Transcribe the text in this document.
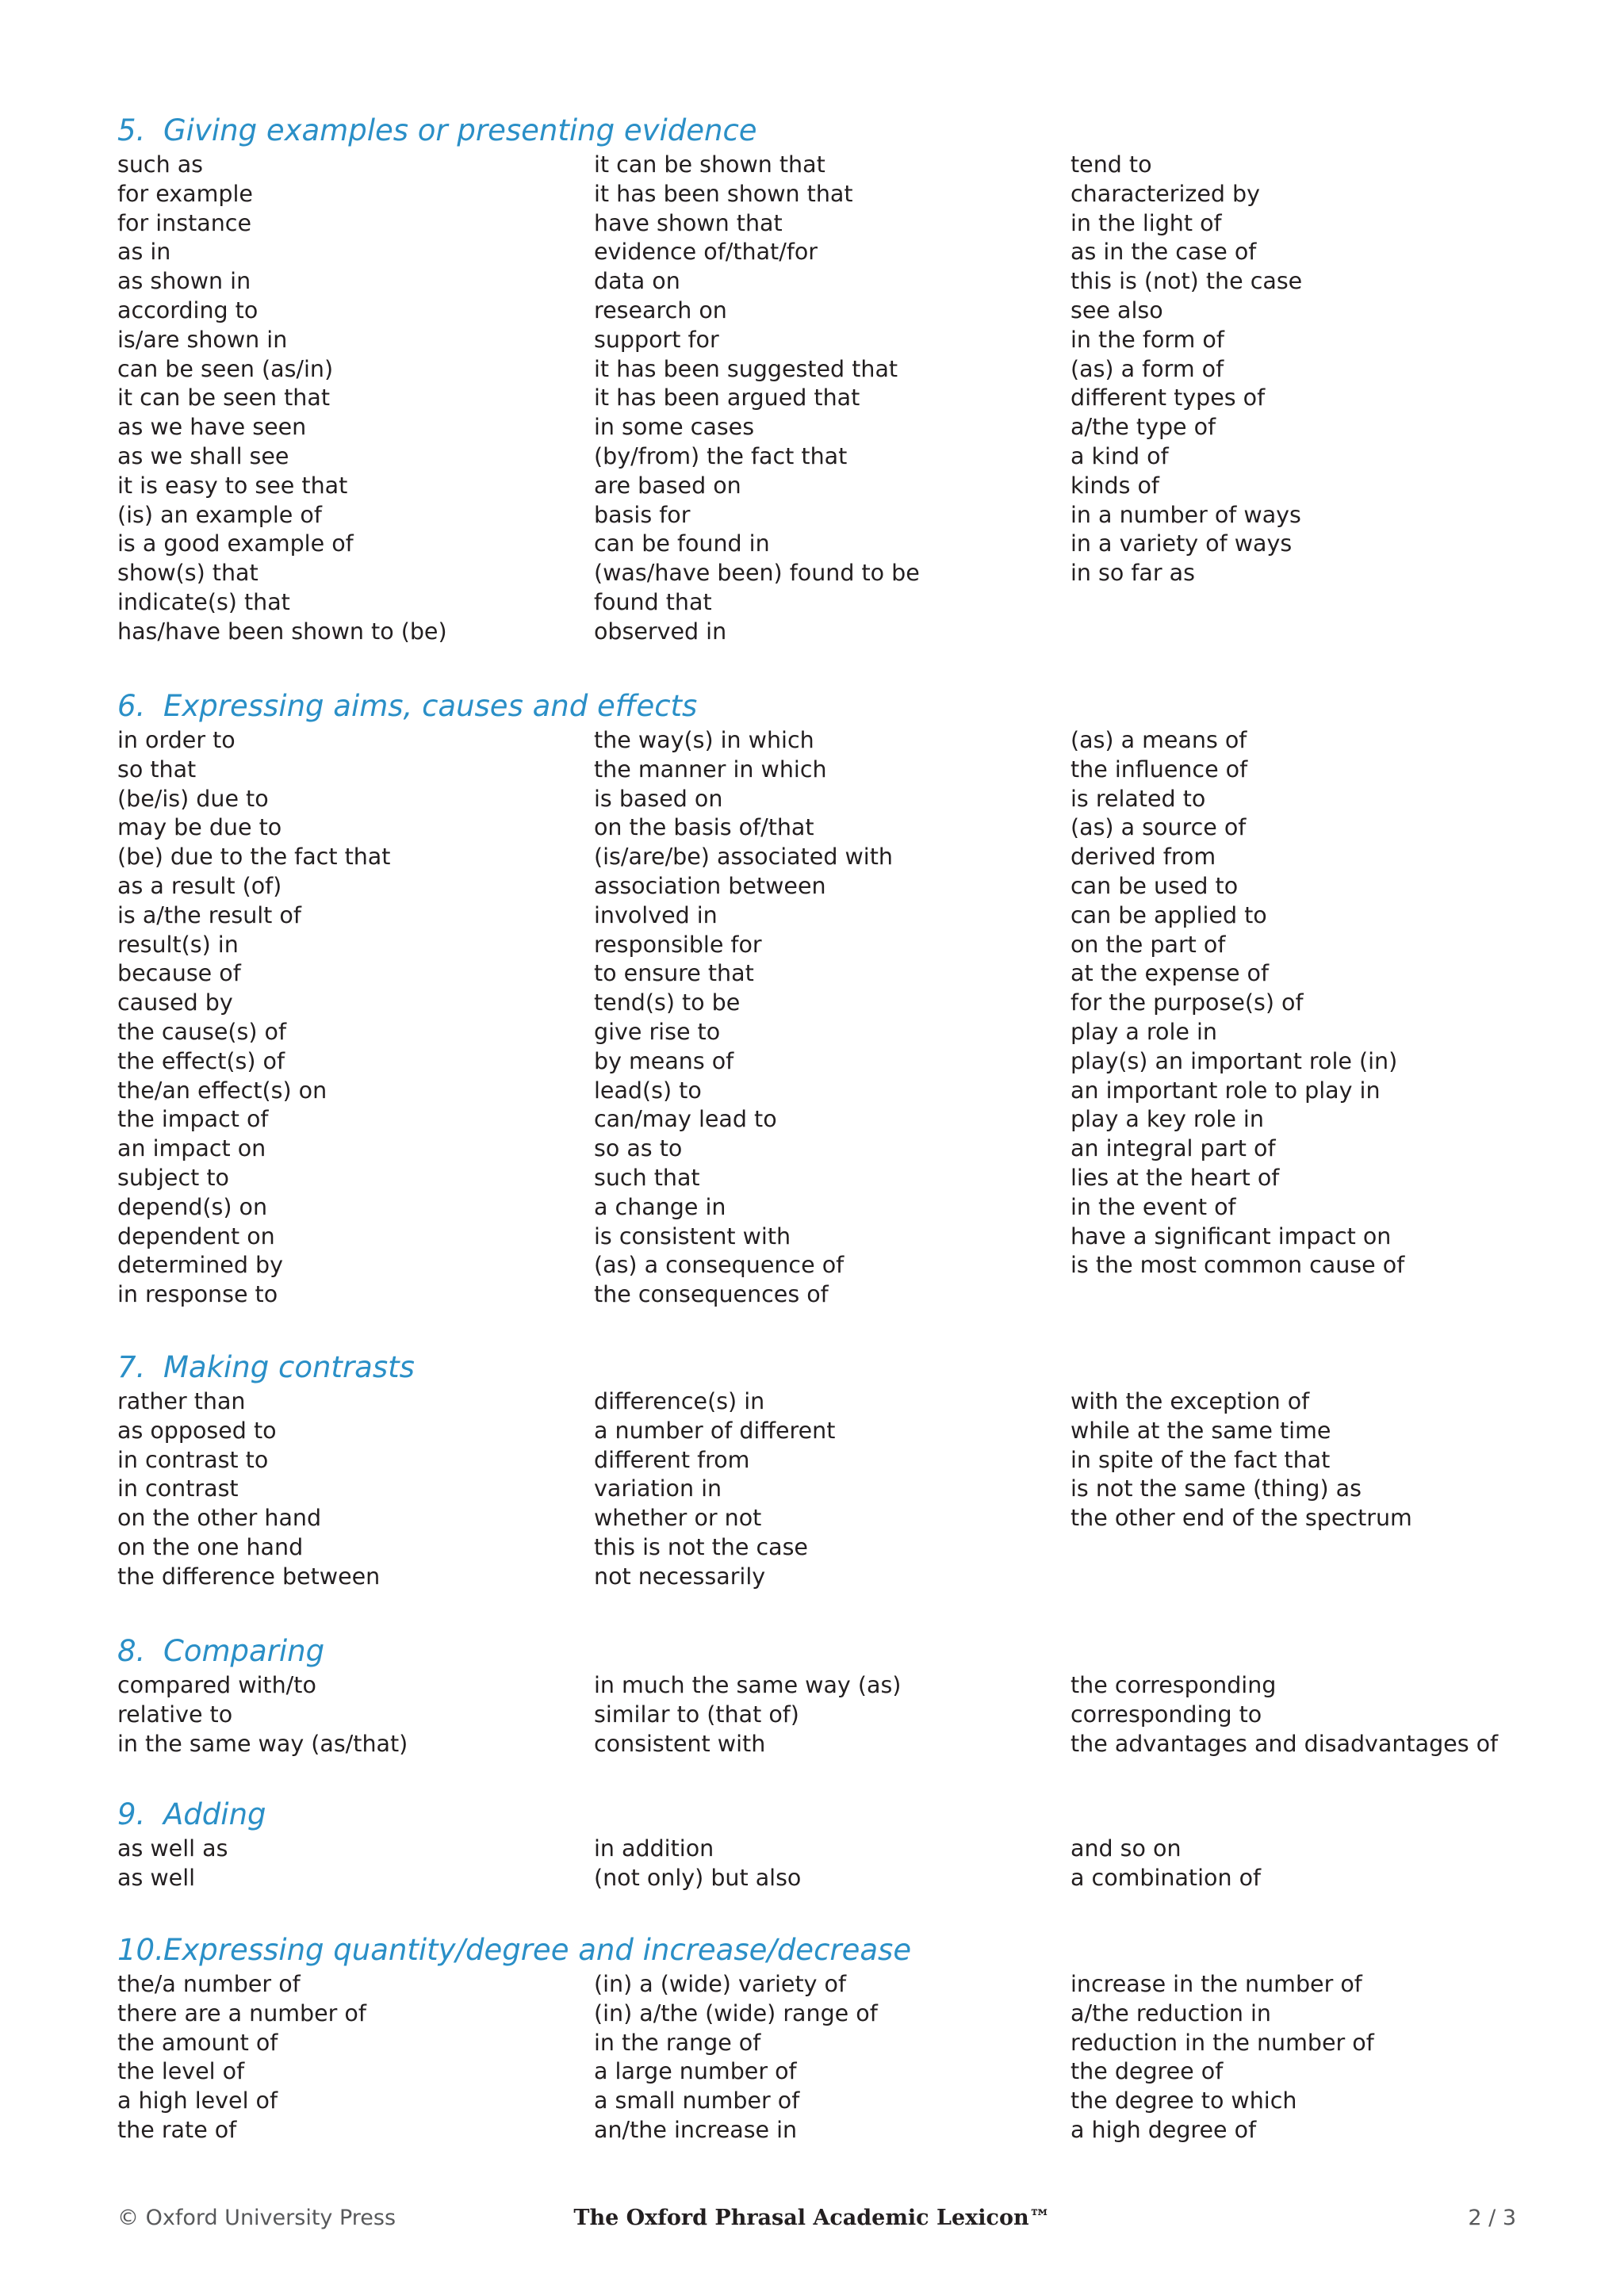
5. Giving examples or presenting evidence
such as
for example
for instance
as in
as shown in
according to
is/are shown in
can be seen (as/in)
it can be seen that
as we have seen
as we shall see
it is easy to see that
(is) an example of
is a good example of
show(s) that
indicate(s) that
has/have been shown to (be)
it can be shown that
it has been shown that
have shown that
evidence of/that/for
data on
research on
support for
it has been suggested that
it has been argued that
in some cases
(by/from) the fact that
are based on
basis for
can be found in
(was/have been) found to be
found that
observed in
tend to
characterized by
in the light of
as in the case of
this is (not) the case
see also
in the form of
(as) a form of
different types of
a/the type of
a kind of
kinds of
in a number of ways
in a variety of ways
in so far as
6. Expressing aims, causes and effects
in order to
so that
(be/is) due to
may be due to
(be) due to the fact that
as a result (of)
is a/the result of
result(s) in
because of
caused by
the cause(s) of
the effect(s) of
the/an effect(s) on
the impact of
an impact on
subject to
depend(s) on
dependent on
determined by
in response to
the way(s) in which
the manner in which
is based on
on the basis of/that
(is/are/be) associated with
association between
involved in
responsible for
to ensure that
tend(s) to be
give rise to
by means of
lead(s) to
can/may lead to
so as to
such that
a change in
is consistent with
(as) a consequence of
the consequences of
(as) a means of
the influence of
is related to
(as) a source of
derived from
can be used to
can be applied to
on the part of
at the expense of
for the purpose(s) of
play a role in
play(s) an important role (in)
an important role to play in
play a key role in
an integral part of
lies at the heart of
in the event of
have a significant impact on
is the most common cause of
7. Making contrasts
rather than
as opposed to
in contrast to
in contrast
on the other hand
on the one hand
the difference between
difference(s) in
a number of different
different from
variation in
whether or not
this is not the case
not necessarily
with the exception of
while at the same time
in spite of the fact that
is not the same (thing) as
the other end of the spectrum
8. Comparing
compared with/to
relative to
in the same way (as/that)
in much the same way (as)
similar to (that of)
consistent with
the corresponding
corresponding to
the advantages and disadvantages of
9. Adding
as well as
as well
in addition
(not only) but also
and so on
a combination of
10.Expressing quantity/degree and increase/decrease
the/a number of
there are a number of
the amount of
the level of
a high level of
the rate of
(in) a (wide) variety of
(in) a/the (wide) range of
in the range of
a large number of
a small number of
an/the increase in
increase in the number of
a/the reduction in
reduction in the number of
the degree of
the degree to which
a high degree of
© Oxford University Press	The Oxford Phrasal Academic Lexicon™	2 / 3
